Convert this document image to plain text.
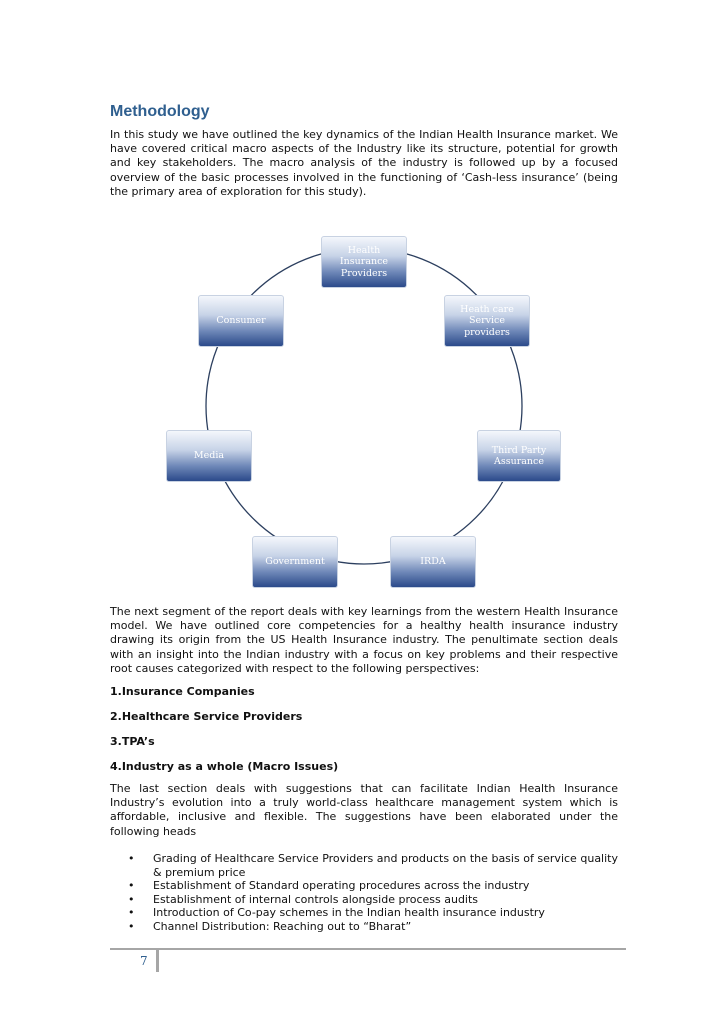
Methodology

In this study we have outlined the key dynamics of the Indian Health Insurance market. We have covered critical macro aspects of the Industry like its structure, potential for growth and key stakeholders. The macro analysis of the industry is followed up by a focused overview of the basic processes involved in the functioning of ‘Cash-less insurance’ (being the primary area of exploration for this study).

Health
Insurance
Providers
Heath care
Service
providers
Third Party
Assurance
IRDA
Government
Media
Consumer

The next segment of the report deals with key learnings from the western Health Insurance model. We have outlined core competencies for a healthy health insurance industry drawing its origin from the US Health Insurance industry. The penultimate section deals with an insight into the Indian industry with a focus on key problems and their respective root causes categorized with respect to the following perspectives:

1.Insurance Companies
2.Healthcare Service Providers
3.TPA’s
4.Industry as a whole (Macro Issues)

The last section deals with suggestions that can facilitate Indian Health Insurance Industry’s evolution into a truly world-class healthcare management system which is affordable, inclusive and flexible. The suggestions have been elaborated under the following heads

• Grading of Healthcare Service Providers and products on the basis of service quality & premium price
• Establishment of Standard operating procedures across the industry
• Establishment of internal controls alongside process audits
• Introduction of Co-pay schemes in the Indian health insurance industry
• Channel Distribution: Reaching out to “Bharat”
7
